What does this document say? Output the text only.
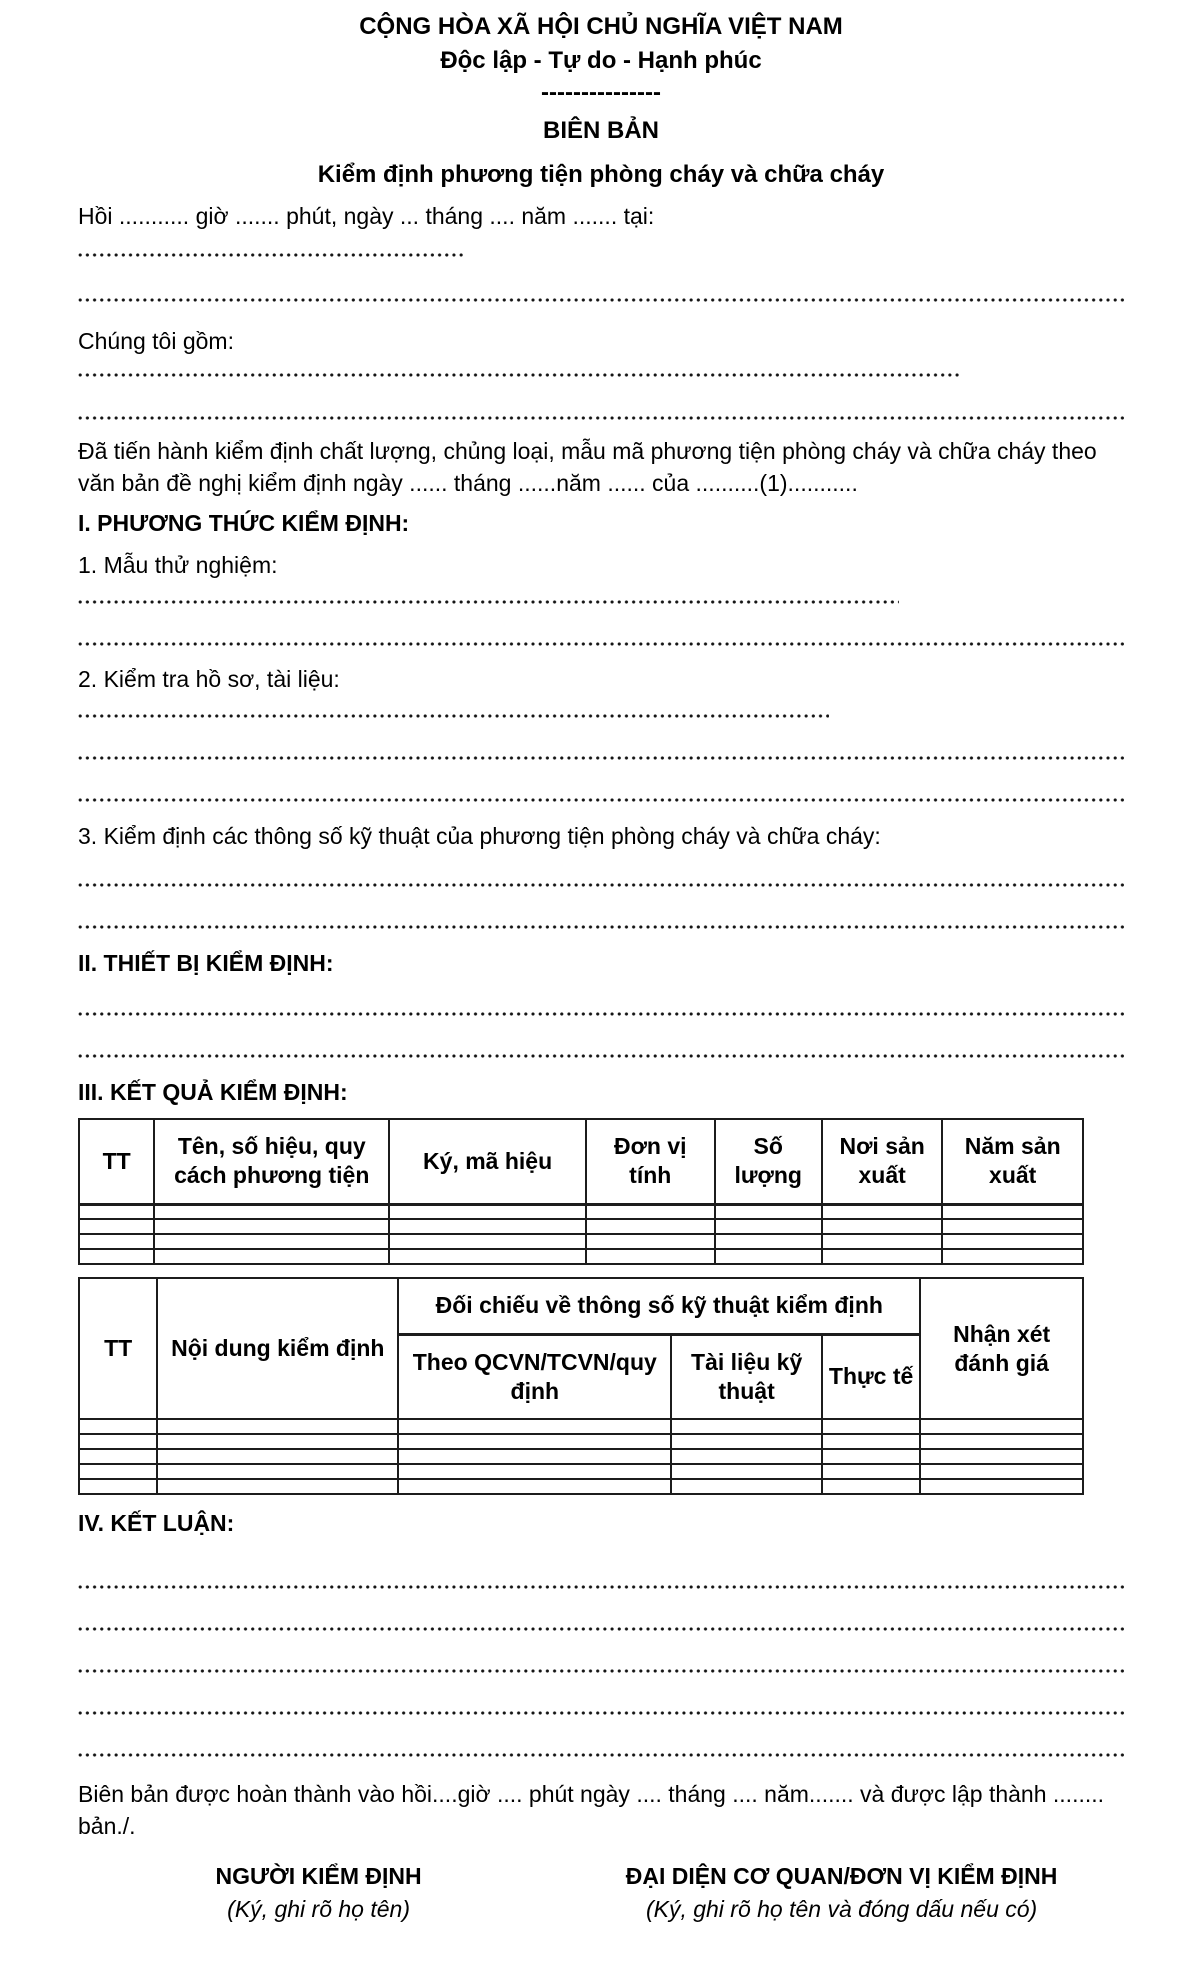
CỘNG HÒA XÃ HỘI CHỦ NGHĨA VIỆT NAM

Độc lập - Tự do - Hạnh phúc

---------------

BIÊN BẢN

Kiểm định phương tiện phòng cháy và chữa cháy

Hồi ........... giờ ....... phút, ngày ... tháng .... năm ....... tại:

Chúng tôi gồm:

Đã tiến hành kiểm định chất lượng, chủng loại, mẫu mã phương tiện phòng cháy và chữa cháy theo văn bản đề nghị kiểm định ngày ...... tháng ......năm ...... của ..........(1)...........

I. PHƯƠNG THỨC KIỂM ĐỊNH:

1. Mẫu thử nghiệm:

2. Kiểm tra hồ sơ, tài liệu:

3. Kiểm định các thông số kỹ thuật của phương tiện phòng cháy và chữa cháy:

II. THIẾT BỊ KIỂM ĐỊNH:

III. KẾT QUẢ KIỂM ĐỊNH:

TT	Tên, số hiệu, quy cách phương tiện	Ký, mã hiệu	Đơn vị tính	Số lượng	Nơi sản xuất	Năm sản xuất

TT	Nội dung kiểm định	Đối chiếu về thông số kỹ thuật kiểm định			Nhận xét đánh giá
		Theo QCVN/TCVN/quy định	Tài liệu kỹ thuật	Thực tế	

IV. KẾT LUẬN:

Biên bản được hoàn thành vào hồi....giờ .... phút ngày .... tháng .... năm....... và được lập thành ........ bản./.

NGƯỜI KIỂM ĐỊNH

(Ký, ghi rõ họ tên)

ĐẠI DIỆN CƠ QUAN/ĐƠN VỊ KIỂM ĐỊNH

(Ký, ghi rõ họ tên và đóng dấu nếu có)
